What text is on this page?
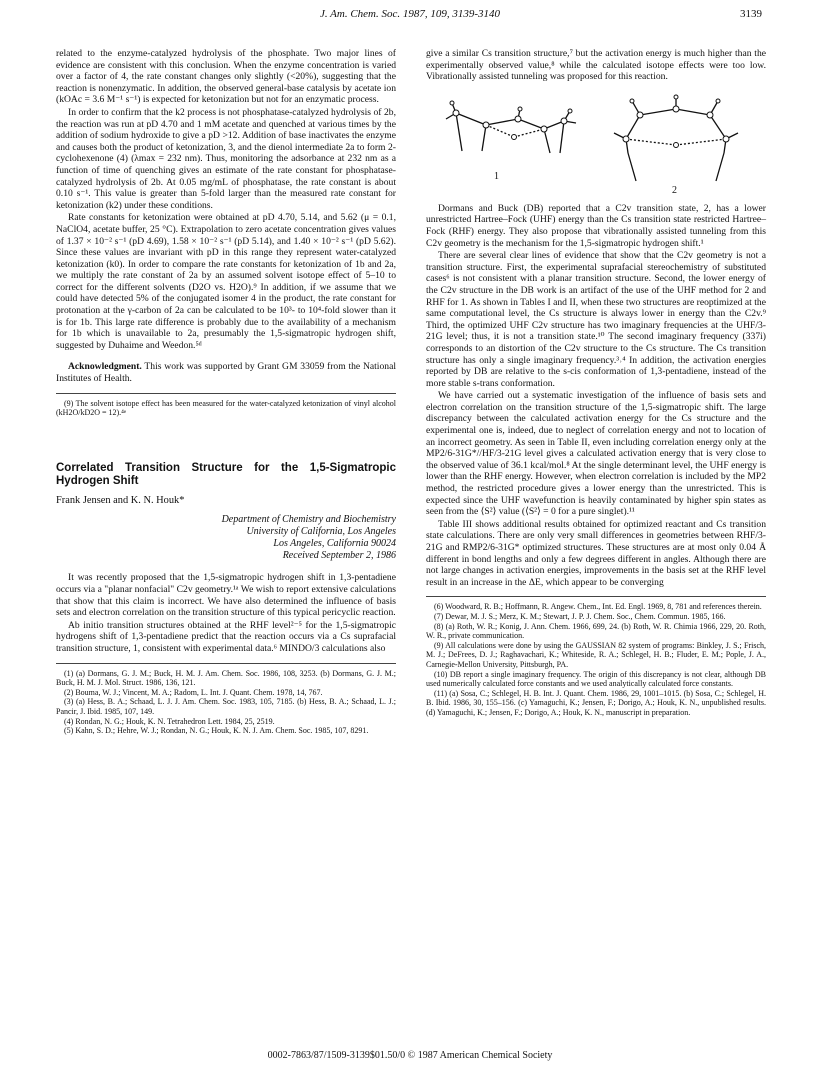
J. Am. Chem. Soc. 1987, 109, 3139-3140	3139

related to the enzyme-catalyzed hydrolysis of the phosphate. Two major lines of evidence are consistent with this conclusion. When the enzyme concentration is varied over a factor of 4, the rate constant changes only slightly (<20%), suggesting that the reaction is nonenzymatic. In addition, the observed general-base catalysis by acetate ion (kOAc = 3.6 M⁻¹ s⁻¹) is expected for ketonization but not for an enzymatic process.

In order to confirm that the k2 process is not phosphatase-catalyzed hydrolysis of 2b, the reaction was run at pD 4.70 and 1 mM acetate and quenched at various times by the addition of sodium hydroxide to give a pD >12. Addition of base inactivates the enzyme and causes both the product of ketonization, 3, and the dienol intermediate 2a to form 2-cyclohexenone (4) (λmax = 232 nm). Thus, monitoring the adsorbance at 232 nm as a function of time of quenching gives an estimate of the rate constant for phosphatase-catalyzed hydrolysis of 2b. At 0.05 mg/mL of phosphatase, the rate constant is about 0.10 s⁻¹. This value is greater than 5-fold larger than the measured rate constant for ketonization (k2) under these conditions.

Rate constants for ketonization were obtained at pD 4.70, 5.14, and 5.62 (μ = 0.1, NaClO4, acetate buffer, 25 °C). Extrapolation to zero acetate concentration gives values of 1.37 × 10⁻² s⁻¹ (pD 4.69), 1.58 × 10⁻² s⁻¹ (pD 5.14), and 1.40 × 10⁻² s⁻¹ (pD 5.62). Since these values are invariant with pD in this range they represent water-catalyzed ketonization (k0). In order to compare the rate constants for ketonization of 1b and 2a, we multiply the rate constant of 2a by an assumed solvent isotope effect of 5–10 to correct for the different solvents (D2O vs. H2O).⁹ In addition, if we assume that we could have detected 5% of the conjugated isomer 4 in the product, the rate constant for protonation at the γ-carbon of 2a can be calculated to be 10³- to 10⁴-fold slower than it is for 1b. This large rate difference is probably due to the availability of a mechanism for 1b which is unavailable to 2a, presumably the 1,5-sigmatropic hydrogen shift, suggested by Duhaime and Weedon.⁵ᵈ

Acknowledgment. This work was supported by Grant GM 33059 from the National Institutes of Health.

(9) The solvent isotope effect has been measured for the water-catalyzed ketonization of vinyl alcohol (kH2O/kD2O = 12).⁴ᵉ

Correlated Transition Structure for the 1,5-Sigmatropic Hydrogen Shift
Frank Jensen and K. N. Houk*
Department of Chemistry and Biochemistry
University of California, Los Angeles
Los Angeles, California 90024
Received September 2, 1986

It was recently proposed that the 1,5-sigmatropic hydrogen shift in 1,3-pentadiene occurs via a "planar nonfacial" C2v geometry.¹ᵃ We wish to report extensive calculations that show that this claim is incorrect. We have also determined the influence of basis sets and electron correlation on the transition structure of this typical pericyclic reaction.

Ab initio transition structures obtained at the RHF level²⁻⁵ for the 1,5-sigmatropic hydrogens shift of 1,3-pentadiene predict that the reaction occurs via a Cs suprafacial transition structure, 1, consistent with experimental data.⁶ MINDO/3 calculations also

(1) (a) Dormans, G. J. M.; Buck, H. M. J. Am. Chem. Soc. 1986, 108, 3253. (b) Dormans, G. J. M.; Buck, H. M. J. Mol. Struct. 1986, 136, 121.

(2) Bouma, W. J.; Vincent, M. A.; Radom, L. Int. J. Quant. Chem. 1978, 14, 767.

(3) (a) Hess, B. A.; Schaad, L. J. J. Am. Chem. Soc. 1983, 105, 7185. (b) Hess, B. A.; Schaad, L. J.; Pancir, J. Ibid. 1985, 107, 149.

(4) Rondan, N. G.; Houk, K. N. Tetrahedron Lett. 1984, 25, 2519.

(5) Kahn, S. D.; Hehre, W. J.; Rondan, N. G.; Houk, K. N. J. Am. Chem. Soc. 1985, 107, 8291.

give a similar Cs transition structure,⁷ but the activation energy is much higher than the experimentally observed value,⁸ while the calculated isotope effects were too low. Vibrationally assisted tunneling was proposed for this reaction.

1
2

Dormans and Buck (DB) reported that a C2v transition state, 2, has a lower unrestricted Hartree–Fock (UHF) energy than the Cs transition state restricted Hartree–Fock (RHF) energy. They also propose that vibrationally assisted tunneling from this C2v geometry is the mechanism for the 1,5-sigmatropic hydrogen shift.¹

There are several clear lines of evidence that show that the C2v geometry is not a transition structure. First, the experimental suprafacial stereochemistry of substituted cases⁶ is not consistent with a planar transition structure. Second, the lower energy of the C2v structure in the DB work is an artifact of the use of the UHF method for 2 and RHF for 1. As shown in Tables I and II, when these two structures are reoptimized at the same computational level, the Cs structure is always lower in energy than the C2v.⁹ Third, the optimized UHF C2v structure has two imaginary frequencies at the UHF/3-21G level; thus, it is not a transition state.¹⁰ The second imaginary frequency (337i) corresponds to an distortion of the C2v structure to the Cs structure. The Cs transition structure has only a single imaginary frequency.³˒⁴ In addition, the activation energies reported by DB are relative to the s-cis conformation of 1,3-pentadiene, instead of the more stable s-trans conformation.

We have carried out a systematic investigation of the influence of basis sets and electron correlation on the transition structure of the 1,5-sigmatropic shift. The large discrepancy between the calculated activation energy for the Cs structure and the experimental one is, indeed, due to neglect of correlation energy and not to location of an incorrect geometry. As seen in Table II, even including correlation energy only at the MP2/6-31G*//HF/3-21G level gives a calculated activation energy that is very close to the observed value of 36.1 kcal/mol.⁸ At the single determinant level, the UHF energy is lower than the RHF energy. However, when electron correlation is included by the MP2 method, the restricted procedure gives a lower energy than the unrestricted. This is expected since the UHF wavefunction is heavily contaminated by higher spin states as seen from the ⟨S²⟩ value (⟨S²⟩ = 0 for a pure singlet).¹¹

Table III shows additional results obtained for optimized reactant and Cs transition state calculations. There are only very small differences in geometries between RHF/3-21G and RMP2/6-31G* optimized structures. These structures are at most only 0.04 Å different in bond lengths and only a few degrees different in angles. Although there are not large changes in activation energies, improvements in the basis set at the RHF level result in an increase in the ΔE, which appear to be converging

(6) Woodward, R. B.; Hoffmann, R. Angew. Chem., Int. Ed. Engl. 1969, 8, 781 and references therein.

(7) Dewar, M. J. S.; Merz, K. M.; Stewart, J. P. J. Chem. Soc., Chem. Commun. 1985, 166.

(8) (a) Roth, W. R.; Konig, J. Ann. Chem. 1966, 699, 24. (b) Roth, W. R. Chimia 1966, 229, 20. Roth, W. R., private communication.

(9) All calculations were done by using the GAUSSIAN 82 system of programs: Binkley, J. S.; Frisch, M. J.; DeFrees, D. J.; Raghavachari, K.; Whiteside, R. A.; Schlegel, H. B.; Fluder, E. M.; Pople, J. A., Carnegie-Mellon University, Pittsburgh, PA.

(10) DB report a single imaginary frequency. The origin of this discrepancy is not clear, although DB used numerically calculated force constants and we used analytically calculated force constants.

(11) (a) Sosa, C.; Schlegel, H. B. Int. J. Quant. Chem. 1986, 29, 1001–1015. (b) Sosa, C.; Schlegel, H. B. Ibid. 1986, 30, 155–156. (c) Yamaguchi, K.; Jensen, F.; Dorigo, A.; Houk, K. N., unpublished results. (d) Yamaguchi, K.; Jensen, F.; Dorigo, A.; Houk, K. N., manuscript in preparation.

0002-7863/87/1509-3139$01.50/0 © 1987 American Chemical Society
